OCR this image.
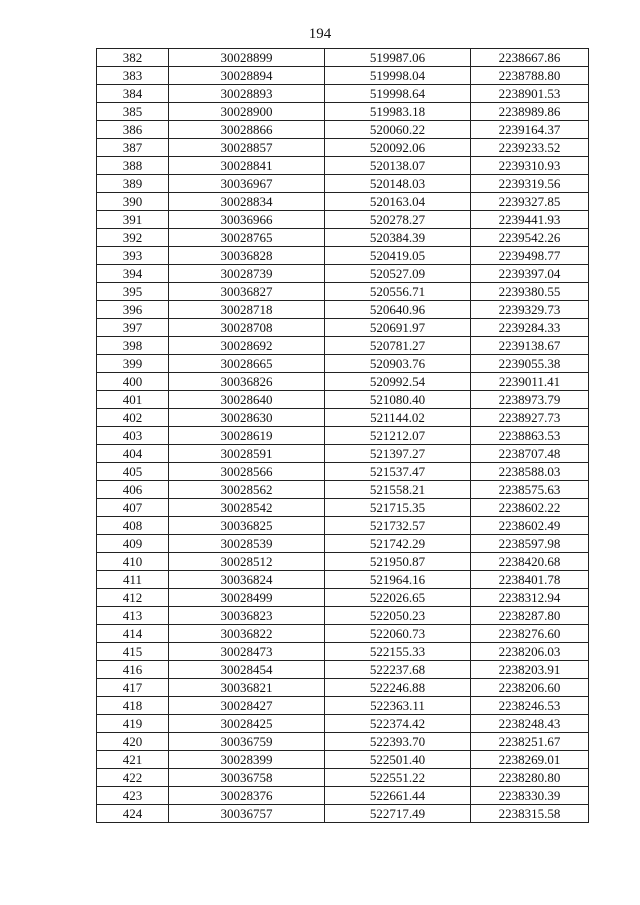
194
382	30028899	519987.06	2238667.86
383	30028894	519998.04	2238788.80
384	30028893	519998.64	2238901.53
385	30028900	519983.18	2238989.86
386	30028866	520060.22	2239164.37
387	30028857	520092.06	2239233.52
388	30028841	520138.07	2239310.93
389	30036967	520148.03	2239319.56
390	30028834	520163.04	2239327.85
391	30036966	520278.27	2239441.93
392	30028765	520384.39	2239542.26
393	30036828	520419.05	2239498.77
394	30028739	520527.09	2239397.04
395	30036827	520556.71	2239380.55
396	30028718	520640.96	2239329.73
397	30028708	520691.97	2239284.33
398	30028692	520781.27	2239138.67
399	30028665	520903.76	2239055.38
400	30036826	520992.54	2239011.41
401	30028640	521080.40	2238973.79
402	30028630	521144.02	2238927.73
403	30028619	521212.07	2238863.53
404	30028591	521397.27	2238707.48
405	30028566	521537.47	2238588.03
406	30028562	521558.21	2238575.63
407	30028542	521715.35	2238602.22
408	30036825	521732.57	2238602.49
409	30028539	521742.29	2238597.98
410	30028512	521950.87	2238420.68
411	30036824	521964.16	2238401.78
412	30028499	522026.65	2238312.94
413	30036823	522050.23	2238287.80
414	30036822	522060.73	2238276.60
415	30028473	522155.33	2238206.03
416	30028454	522237.68	2238203.91
417	30036821	522246.88	2238206.60
418	30028427	522363.11	2238246.53
419	30028425	522374.42	2238248.43
420	30036759	522393.70	2238251.67
421	30028399	522501.40	2238269.01
422	30036758	522551.22	2238280.80
423	30028376	522661.44	2238330.39
424	30036757	522717.49	2238315.58
